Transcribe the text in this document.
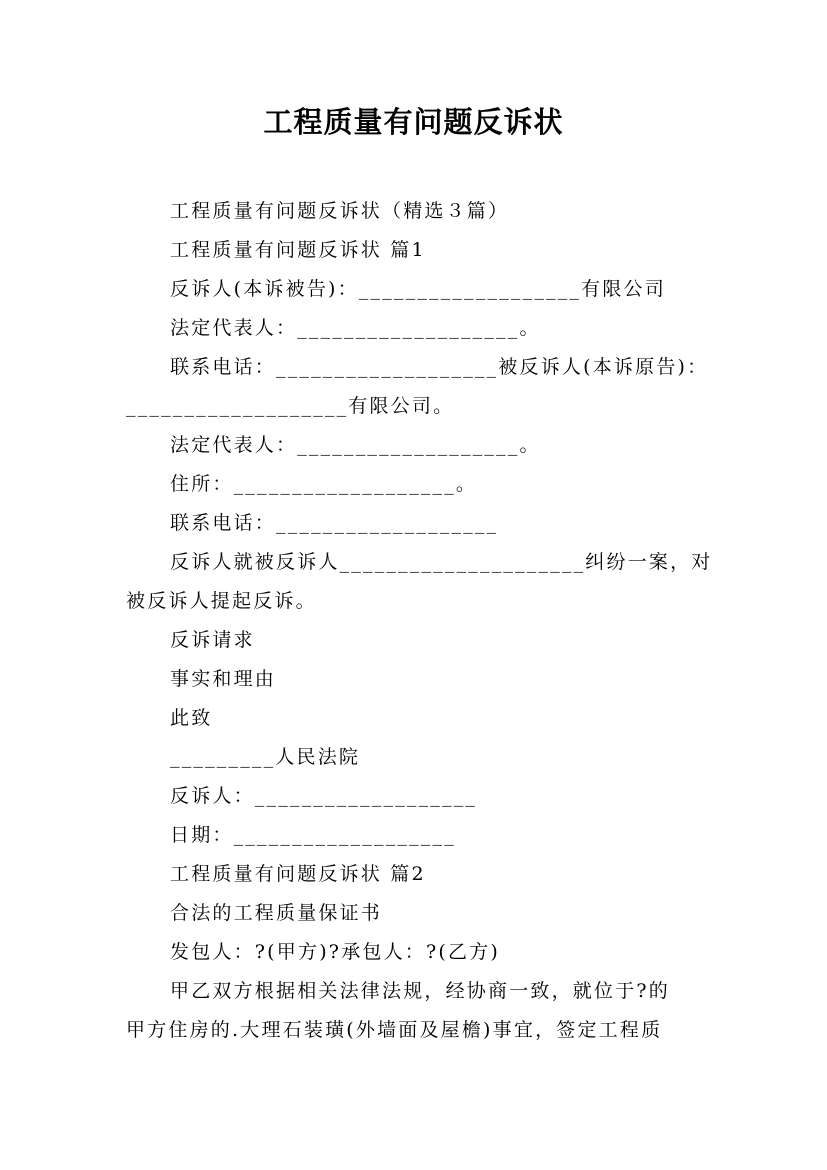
工程质量有问题反诉状
工程质量有问题反诉状（精选３篇）
工程质量有问题反诉状 篇1
反诉人(本诉被告)：___________________有限公司
法定代表人：___________________。
联系电话：___________________被反诉人(本诉原告)：
___________________有限公司。
法定代表人：___________________。
住所：___________________。
联系电话：___________________
反诉人就被反诉人_____________________纠纷一案，对
被反诉人提起反诉。
反诉请求
事实和理由
此致
_________人民法院
反诉人：___________________
日期：___________________
工程质量有问题反诉状 篇2
合法的工程质量保证书
发包人：?(甲方)?承包人：?(乙方)
甲乙双方根据相关法律法规，经协商一致，就位于?的
甲方住房的.大理石装璜(外墙面及屋檐)事宜，签定工程质
